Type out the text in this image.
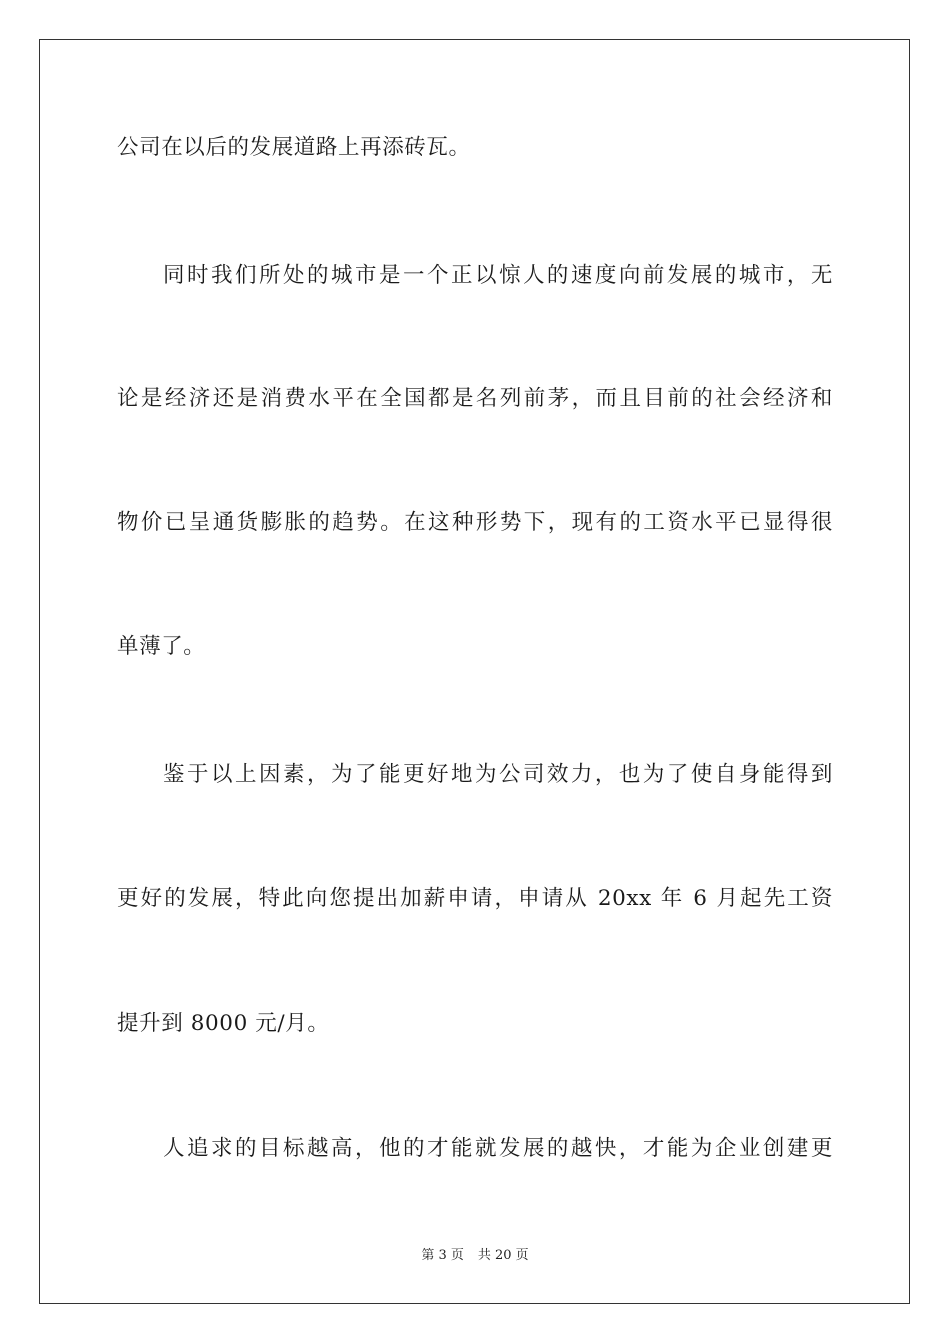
公司在以后的发展道路上再添砖瓦。
同时我们所处的城市是一个正以惊人的速度向前发展的城市，无
论是经济还是消费水平在全国都是名列前茅，而且目前的社会经济和
物价已呈通货膨胀的趋势。在这种形势下，现有的工资水平已显得很
单薄了。
鉴于以上因素，为了能更好地为公司效力，也为了使自身能得到
更好的发展，特此向您提出加薪申请，申请从 20xx 年 6 月起先工资
提升到 8000 元/月。
人追求的目标越高，他的才能就发展的越快，才能为企业创建更
第 3 页 共 20 页
